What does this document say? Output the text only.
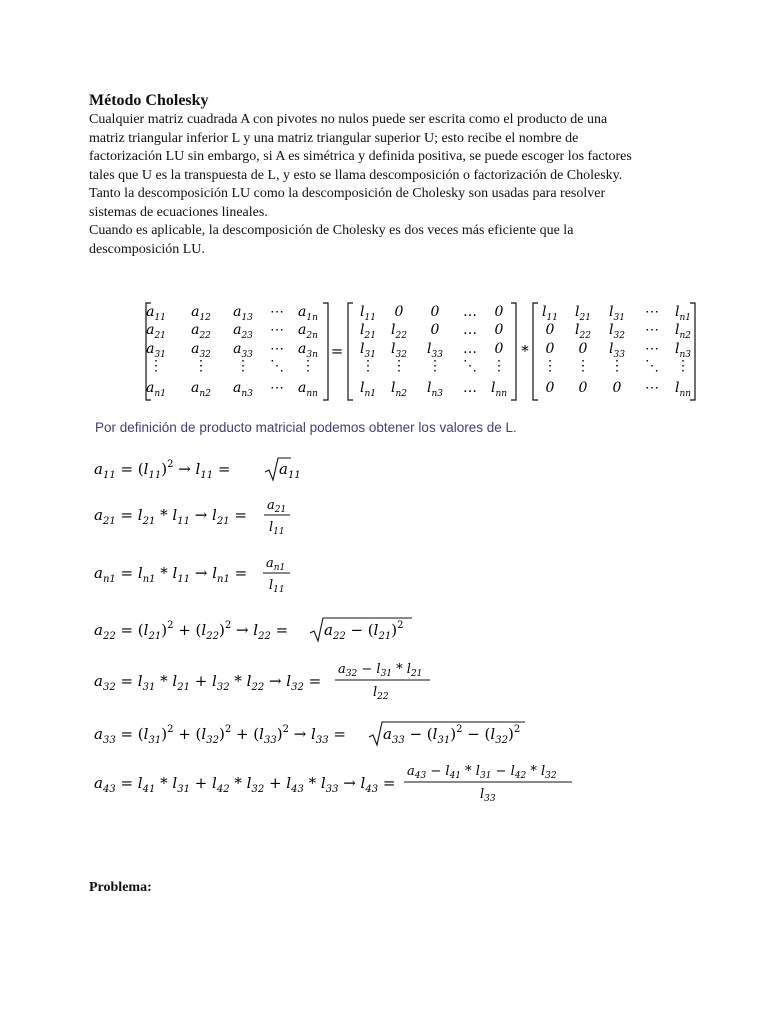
Método Cholesky
Cualquier matriz cuadrada A con pivotes no nulos puede ser escrita como el producto de una
matriz triangular inferior L y una matriz triangular superior U; esto recibe el nombre de
factorización LU sin embargo, si A es simétrica y definida positiva, se puede escoger los factores
tales que U es la transpuesta de L, y esto se llama descomposición o factorización de Cholesky.
Tanto la descomposición LU como la descomposición de Cholesky son usadas para resolver
sistemas de ecuaciones lineales.
Cuando es aplicable, la descomposición de Cholesky es dos veces más eficiente que la
descomposición LU.
$a_{11}$ $a_{12}$ $a_{13}$ ⋯ $a_{1n}$
$a_{21}$ $a_{22}$ $a_{23}$ ⋯ $a_{2n}$
$a_{31}$ $a_{32}$ $a_{33}$ ⋯ $a_{3n}$
⋮ ⋮ ⋮ ⋱ ⋮
$a_{n1}$ $a_{n2}$ $a_{n3}$ ⋯ $a_{nn}$
=
$l_{11}$ 0 0 … 0
$l_{21}$ $l_{22}$ 0 … 0
$l_{31}$ $l_{32}$ $l_{33}$ … 0
⋮ ⋮ ⋮ ⋱ ⋮
$l_{n1}$ $l_{n2}$ $l_{n3}$ … $l_{nn}$
*
$l_{11}$ $l_{21}$ $l_{31}$ ⋯ $l_{n1}$
0 $l_{22}$ $l_{32}$ ⋯ $l_{n2}$
0 0 $l_{33}$ ⋯ $l_{n3}$
⋮ ⋮ ⋮ ⋱ ⋮
0 0 0 ⋯ $l_{nn}$
Por definición de producto matricial podemos obtener los valores de L.
$a_{11} = (l_{11})^2 \to l_{11}$ =	$a_{11}$
$a_{21} = l_{21} * l_{11} \to l_{21}$ =
$a_{21}$
$l_{11}$
$a_{n1} = l_{n1} * l_{11} \to l_{n1}$ =
$a_{n1}$
$l_{11}$
$a_{22} = (l_{21})^2 + (l_{22})^2 \to l_{22} = a_{22} - (l_{21})^2$
$a_{32} = l_{31} * l_{21} + l_{32} * l_{22} \to l_{32}$ =
$a_{32} - l_{31} * l_{21}$
$l_{22}$
$a_{33} = (l_{31})^2 + (l_{32})^2 + (l_{33})^2 \to l_{33} = a_{33} - (l_{31})^2 - (l_{32})^2$
$a_{43} = l_{41} * l_{31} + l_{42} * l_{32} + l_{43} * l_{33} \to l_{43}$ =
$a_{43} - l_{41} * l_{31} - l_{42} * l_{32}$
$l_{33}$
Problema:
